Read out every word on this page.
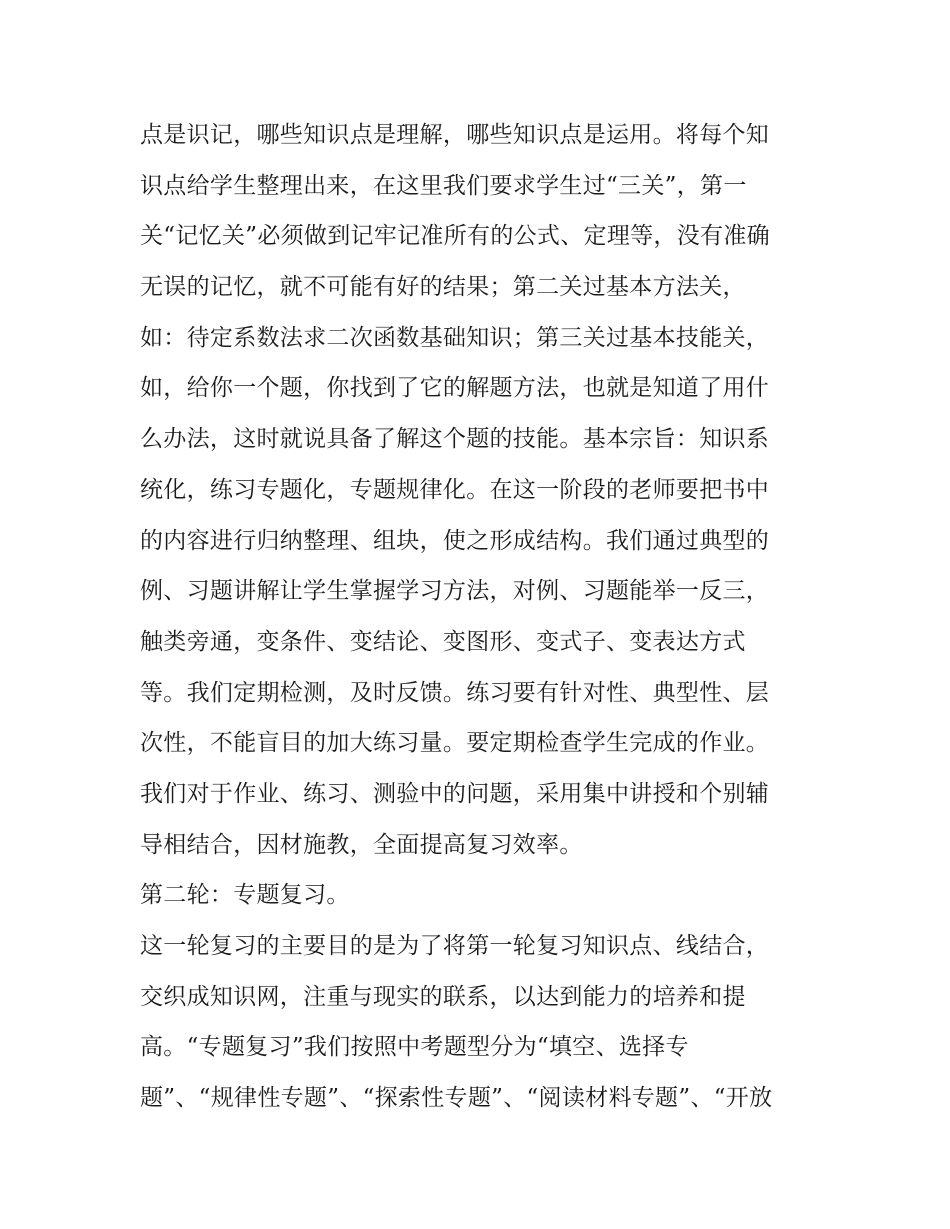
点是识记，哪些知识点是理解，哪些知识点是运用。将每个知
识点给学生整理出来，在这里我们要求学生过“三关”，第一
关“记忆关”必须做到记牢记准所有的公式、定理等，没有准确
无误的记忆，就不可能有好的结果；第二关过基本方法关，
如：待定系数法求二次函数基础知识；第三关过基本技能关，
如，给你一个题，你找到了它的解题方法，也就是知道了用什
么办法，这时就说具备了解这个题的技能。基本宗旨：知识系
统化，练习专题化，专题规律化。在这一阶段的老师要把书中
的内容进行归纳整理、组块，使之形成结构。我们通过典型的
例、习题讲解让学生掌握学习方法，对例、习题能举一反三，
触类旁通，变条件、变结论、变图形、变式子、变表达方式
等。我们定期检测，及时反馈。练习要有针对性、典型性、层
次性，不能盲目的加大练习量。要定期检查学生完成的作业。
我们对于作业、练习、测验中的问题，采用集中讲授和个别辅
导相结合，因材施教，全面提高复习效率。
第二轮：专题复习。
这一轮复习的主要目的是为了将第一轮复习知识点、线结合，
交织成知识网，注重与现实的联系，以达到能力的培养和提
高。“专题复习”我们按照中考题型分为“填空、选择专
题”、“规律性专题”、“探索性专题”、“阅读材料专题”、“开放
